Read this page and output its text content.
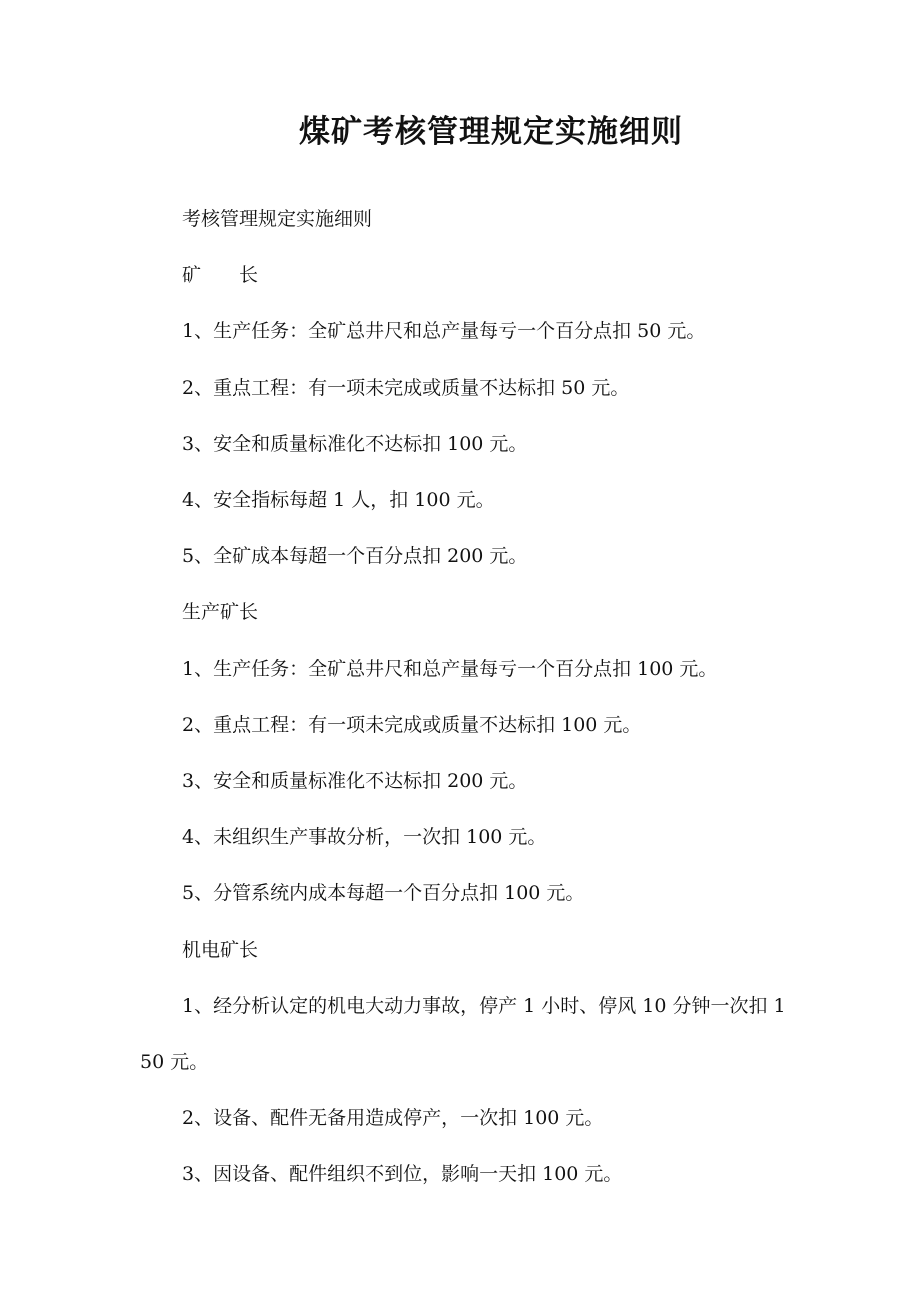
煤矿考核管理规定实施细则

考核管理规定实施细则

矿　　长

1、生产任务：全矿总井尺和总产量每亏一个百分点扣 50 元。

2、重点工程：有一项未完成或质量不达标扣 50 元。

3、安全和质量标准化不达标扣 100 元。

4、安全指标每超 1 人，扣 100 元。

5、全矿成本每超一个百分点扣 200 元。

生产矿长

1、生产任务：全矿总井尺和总产量每亏一个百分点扣 100 元。

2、重点工程：有一项未完成或质量不达标扣 100 元。

3、安全和质量标准化不达标扣 200 元。

4、未组织生产事故分析，一次扣 100 元。

5、分管系统内成本每超一个百分点扣 100 元。

机电矿长

1、经分析认定的机电大动力事故，停产 1 小时、停风 10 分钟一次扣 150 元。

2、设备、配件无备用造成停产，一次扣 100 元。

3、因设备、配件组织不到位，影响一天扣 100 元。
